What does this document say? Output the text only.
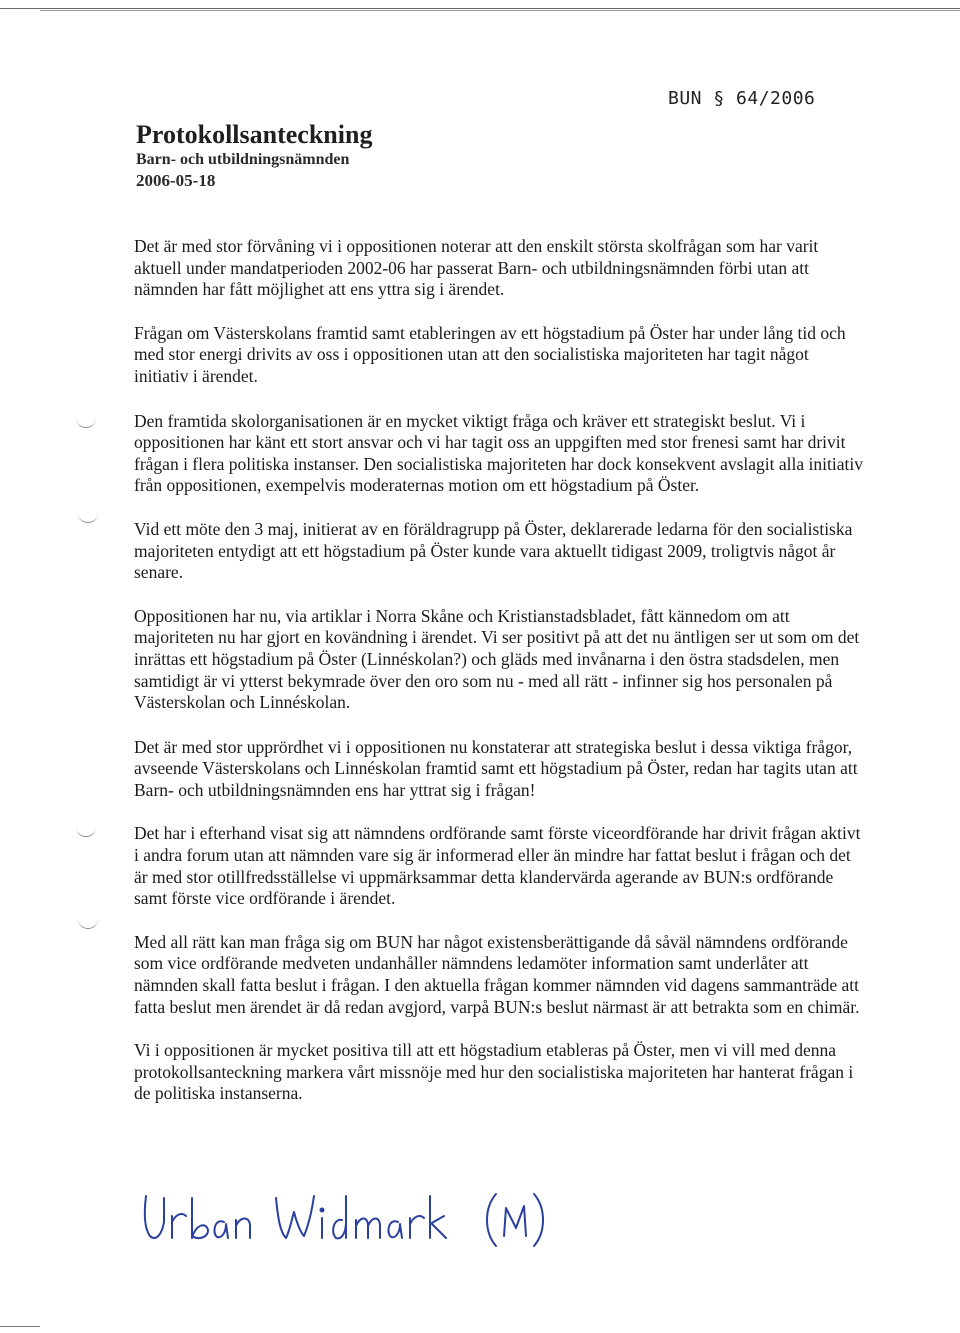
BUN § 64/2006
Protokollsanteckning
Barn- och utbildningsnämnden
2006-05-18

Det är med stor förvåning vi i oppositionen noterar att den enskilt största skolfrågan som har varit aktuell under mandatperioden 2002-06 har passerat Barn- och utbildningsnämnden förbi utan att nämnden har fått möjlighet att ens yttra sig i ärendet.

Frågan om Västerskolans framtid samt etableringen av ett högstadium på Öster har under lång tid och med stor energi drivits av oss i oppositionen utan att den socialistiska majoriteten har tagit något initiativ i ärendet.

Den framtida skolorganisationen är en mycket viktigt fråga och kräver ett strategiskt beslut. Vi i oppositionen har känt ett stort ansvar och vi har tagit oss an uppgiften med stor frenesi samt har drivit frågan i flera politiska instanser. Den socialistiska majoriteten har dock konsekvent avslagit alla initiativ från oppositionen, exempelvis moderaternas motion om ett högstadium på Öster.

Vid ett möte den 3 maj, initierat av en föräldragrupp på Öster, deklarerade ledarna för den socialistiska majoriteten entydigt att ett högstadium på Öster kunde vara aktuellt tidigast 2009, troligtvis något år senare.

Oppositionen har nu, via artiklar i Norra Skåne och Kristianstadsbladet, fått kännedom om att majoriteten nu har gjort en kovändning i ärendet. Vi ser positivt på att det nu äntligen ser ut som om det inrättas ett högstadium på Öster (Linnéskolan?) och gläds med invånarna i den östra stadsdelen, men samtidigt är vi ytterst bekymrade över den oro som nu - med all rätt - infinner sig hos personalen på Västerskolan och Linnéskolan.

Det är med stor upprördhet vi i oppositionen nu konstaterar att strategiska beslut i dessa viktiga frågor, avseende Västerskolans och Linnéskolan framtid samt ett högstadium på Öster, redan har tagits utan att Barn- och utbildningsnämnden ens har yttrat sig i frågan!

Det har i efterhand visat sig att nämndens ordförande samt förste viceordförande har drivit frågan aktivt i andra forum utan att nämnden vare sig är informerad eller än mindre har fattat beslut i frågan och det är med stor otillfredsställelse vi uppmärksammar detta klandervärda agerande av BUN:s ordförande samt förste vice ordförande i ärendet.

Med all rätt kan man fråga sig om BUN har något existensberättigande då såväl nämndens ordförande som vice ordförande medveten undanhåller nämndens ledamöter information samt underlåter att nämnden skall fatta beslut i frågan. I den aktuella frågan kommer nämnden vid dagens sammanträde att fatta beslut men ärendet är då redan avgjord, varpå BUN:s beslut närmast är att betrakta som en chimär.

Vi i oppositionen är mycket positiva till att ett högstadium etableras på Öster, men vi vill med denna protokollsanteckning markera vårt missnöje med hur den socialistiska majoriteten har hanterat frågan i de politiska instanserna.
